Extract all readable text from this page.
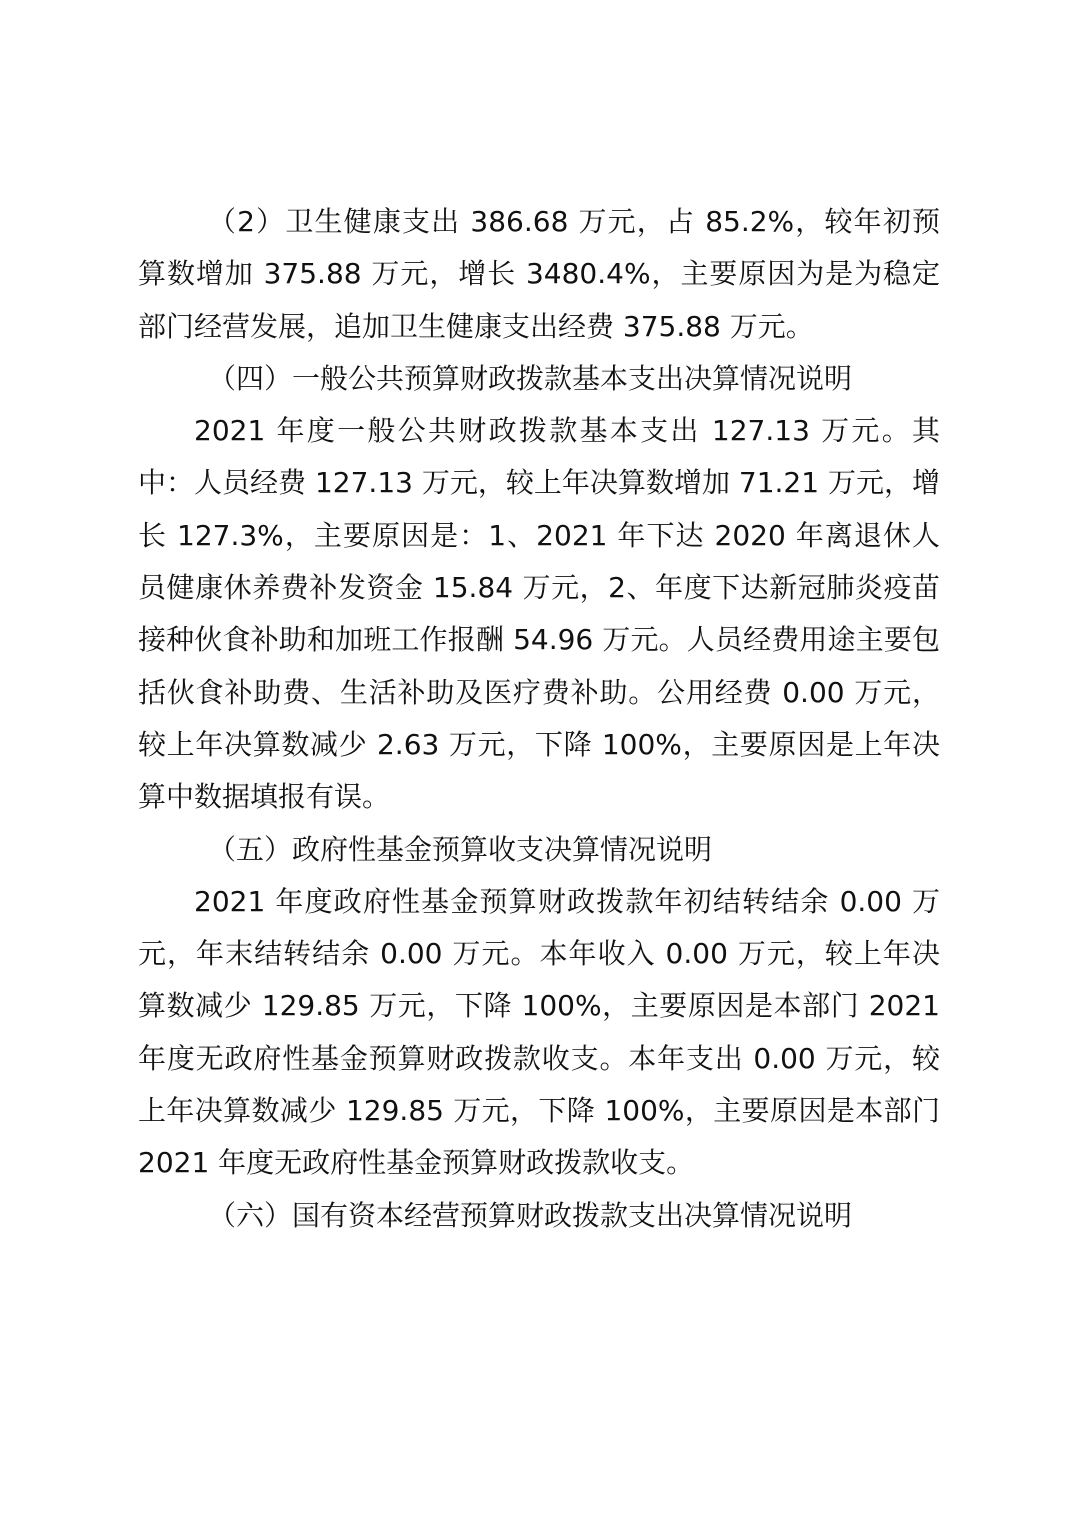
（2）卫生健康支出 386.68 万元，占 85.2%，较年初预算数增加 375.88 万元，增长 3480.4%，主要原因为是为稳定部门经营发展，追加卫生健康支出经费 375.88 万元。

（四）一般公共预算财政拨款基本支出决算情况说明

2021 年度一般公共财政拨款基本支出 127.13 万元。其中：人员经费 127.13 万元，较上年决算数增加 71.21 万元，增长 127.3%，主要原因是：1、2021 年下达 2020 年离退休人员健康休养费补发资金 15.84 万元，2、年度下达新冠肺炎疫苗接种伙食补助和加班工作报酬 54.96 万元。人员经费用途主要包括伙食补助费、生活补助及医疗费补助。公用经费 0.00 万元，较上年决算数减少 2.63 万元，下降 100%，主要原因是上年决算中数据填报有误。

（五）政府性基金预算收支决算情况说明

2021 年度政府性基金预算财政拨款年初结转结余 0.00 万元，年末结转结余 0.00 万元。本年收入 0.00 万元，较上年决算数减少 129.85 万元，下降 100%，主要原因是本部门 2021 年度无政府性基金预算财政拨款收支。本年支出 0.00 万元，较上年决算数减少 129.85 万元，下降 100%，主要原因是本部门 2021 年度无政府性基金预算财政拨款收支。

（六）国有资本经营预算财政拨款支出决算情况说明
